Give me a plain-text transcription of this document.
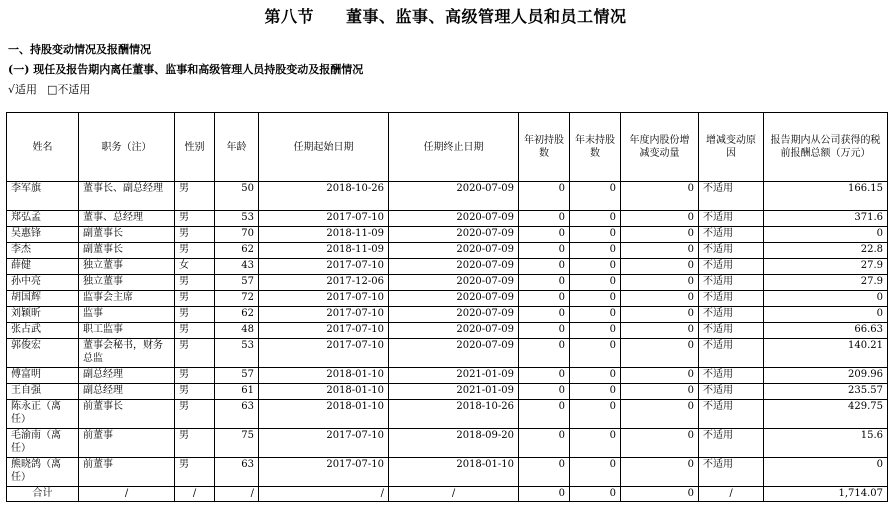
第八节 董事、监事、高级管理人员和员工情况
一、持股变动情况及报酬情况
(一) 现任及报告期内离任董事、监事和高级管理人员持股变动及报酬情况
√适用 □不适用
姓名	职务（注）	性别	年龄	任期起始日期	任期终止日期	年初持股数	年末持股数	年度内股份增减变动量	增减变动原因	报告期内从公司获得的税前报酬总额（万元）
李军旗	董事长、副总经理	男	50	2018-10-26	2020-07-09	0	0	0	不适用	166.15
郑弘孟	董事、总经理	男	53	2017-07-10	2020-07-09	0	0	0	不适用	371.6
吴惠锋	副董事长	男	70	2018-11-09	2020-07-09	0	0	0	不适用	0
李杰	副董事长	男	62	2018-11-09	2020-07-09	0	0	0	不适用	22.8
薛健	独立董事	女	43	2017-07-10	2020-07-09	0	0	0	不适用	27.9
孙中亮	独立董事	男	57	2017-12-06	2020-07-09	0	0	0	不适用	27.9
胡国辉	监事会主席	男	72	2017-07-10	2020-07-09	0	0	0	不适用	0
刘颖昕	监事	男	62	2017-07-10	2020-07-09	0	0	0	不适用	0
张占武	职工监事	男	48	2017-07-10	2020-07-09	0	0	0	不适用	66.63
郭俊宏	董事会秘书，财务总监	男	53	2017-07-10	2020-07-09	0	0	0	不适用	140.21
傅富明	副总经理	男	57	2018-01-10	2021-01-09	0	0	0	不适用	209.96
王自强	副总经理	男	61	2018-01-10	2021-01-09	0	0	0	不适用	235.57
陈永正（离任）	前董事长	男	63	2018-01-10	2018-10-26	0	0	0	不适用	429.75
毛渝南（离任）	前董事	男	75	2017-07-10	2018-09-20	0	0	0	不适用	15.6
熊晓鸽（离任）	前董事	男	63	2017-07-10	2018-01-10	0	0	0	不适用	0
合计	/	/	/	/	/	0	0	0	/	1,714.07
